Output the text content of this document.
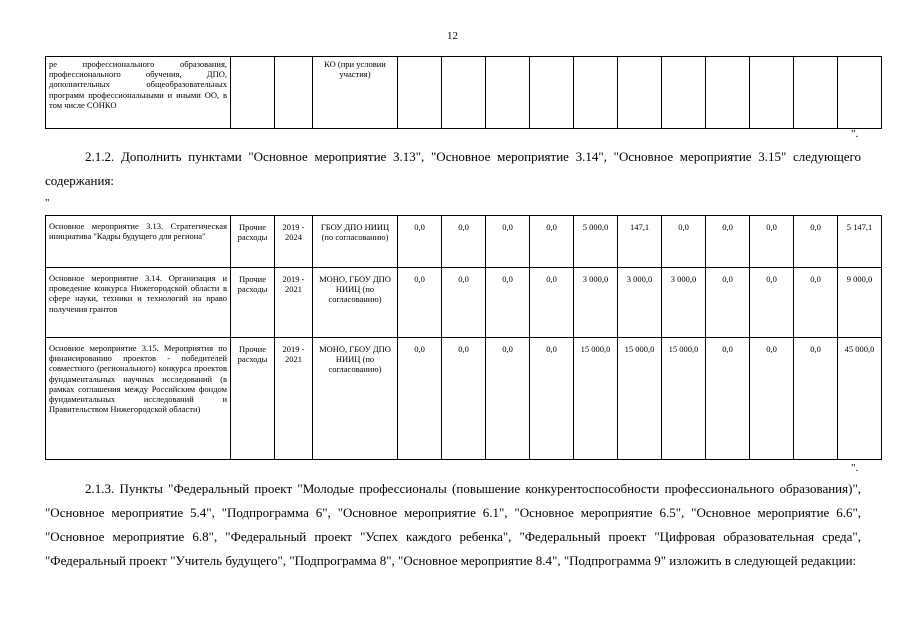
12
ре профессионального образования, профессионального обучения, ДПО, дополнительных общеобразовательных программ профессиональными и иными ОО, в том числе СОНКО			КО (при условии участия)											
".

2.1.2. Дополнить пунктами "Основное мероприятие 3.13", "Основное мероприятие 3.14", "Основное мероприятие 3.15" следующего содержания:

"
Основное мероприятие 3.13. Стратегическая инициатива "Кадры будущего для регионa"	Прочие расходы	2019 - 2024	ГБОУ ДПО НИИЦ (по согласованию)	0,0	0,0	0,0	0,0	5 000,0	147,1	0,0	0,0	0,0	0,0	5 147,1
Основное мероприятие 3.14. Организация и проведение конкурса Нижегородской области в сфере науки, техники и технологий на право получения грантов	Прочие расходы	2019 - 2021	МОНО, ГБОУ ДПО НИИЦ (по согласованию)	0,0	0,0	0,0	0,0	3 000,0	3 000,0	3 000,0	0,0	0,0	0,0	9 000,0
Основное мероприятие 3.15. Мероприятия по финансированию проектов - победителей совместного (регионального) конкурса проектов фундаментальных научных исследований (в рамках соглашения между Российским фондом фундаментальных исследований и Правительством Нижегородской области)	Прочие расходы	2019 - 2021	МОНО, ГБОУ ДПО НИИЦ (по согласованию)	0,0	0,0	0,0	0,0	15 000,0	15 000,0	15 000,0	0,0	0,0	0,0	45 000,0
".

2.1.3. Пункты "Федеральный проект "Молодые профессионалы (повышение конкурентоспособности профессионального образования)", "Основное мероприятие 5.4", "Подпрограмма 6", "Основное мероприятие 6.1", "Основное мероприятие 6.5", "Основное мероприятие 6.6", "Основное мероприятие 6.8", "Федеральный проект "Успех каждого ребенка", "Федеральный проект "Цифровая образовательная среда", "Федеральный проект "Учитель будущего", "Подпрограмма 8", "Основное мероприятие 8.4", "Подпрограмма 9" изложить в следующей редакции:
